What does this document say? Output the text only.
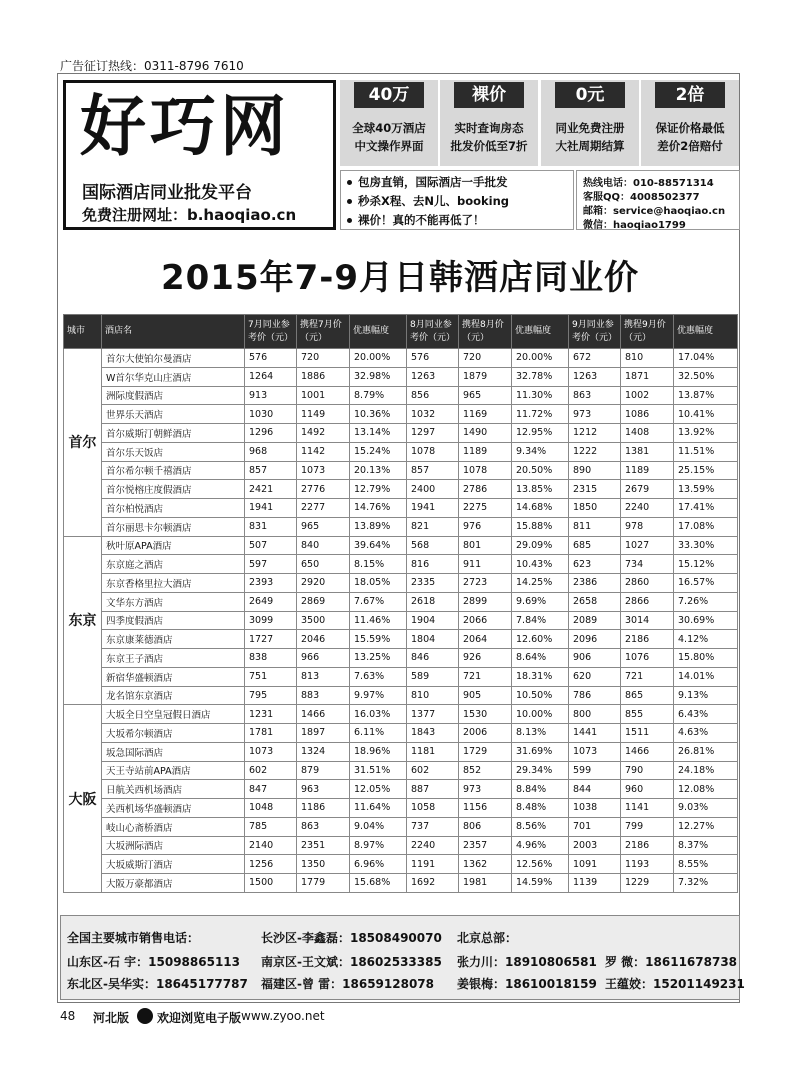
广告征订热线：0311-8796 7610
好巧网
国际酒店同业批发平台
免费注册网址：b.haoqiao.cn
40万
全球40万酒店
中文操作界面
裸价
实时查询房态
批发价低至7折
0元
同业免费注册
大社周期结算
2倍
保证价格最低
差价2倍赔付
包房直销，国际酒店一手批发
秒杀X程、去N儿、booking
裸价！真的不能再低了！
热线电话：010-88571314
客服QQ：4008502377
邮箱：service@haoqiao.cn
微信：haoqiao1799
2015年7-9月日韩酒店同业价
城市	酒店名	7月同业参考价（元）	携程7月价（元）	优惠幅度	8月同业参考价（元）	携程8月价（元）	优惠幅度	9月同业参考价（元）	携程9月价（元）	优惠幅度
首尔	首尔大使铂尔曼酒店	576	720	20.00%	576	720	20.00%	672	810	17.04%
	W首尔华克山庄酒店	1264	1886	32.98%	1263	1879	32.78%	1263	1871	32.50%
	洲际度假酒店	913	1001	8.79%	856	965	11.30%	863	1002	13.87%
	世界乐天酒店	1030	1149	10.36%	1032	1169	11.72%	973	1086	10.41%
	首尔威斯汀朝鲜酒店	1296	1492	13.14%	1297	1490	12.95%	1212	1408	13.92%
	首尔乐天饭店	968	1142	15.24%	1078	1189	9.34%	1222	1381	11.51%
	首尔希尔顿千禧酒店	857	1073	20.13%	857	1078	20.50%	890	1189	25.15%
	首尔悦榕庄度假酒店	2421	2776	12.79%	2400	2786	13.85%	2315	2679	13.59%
	首尔柏悦酒店	1941	2277	14.76%	1941	2275	14.68%	1850	2240	17.41%
	首尔丽思卡尔顿酒店	831	965	13.89%	821	976	15.88%	811	978	17.08%
东京	秋叶原APA酒店	507	840	39.64%	568	801	29.09%	685	1027	33.30%
	东京庭之酒店	597	650	8.15%	816	911	10.43%	623	734	15.12%
	东京香格里拉大酒店	2393	2920	18.05%	2335	2723	14.25%	2386	2860	16.57%
	文华东方酒店	2649	2869	7.67%	2618	2899	9.69%	2658	2866	7.26%
	四季度假酒店	3099	3500	11.46%	1904	2066	7.84%	2089	3014	30.69%
	东京康莱德酒店	1727	2046	15.59%	1804	2064	12.60%	2096	2186	4.12%
	东京王子酒店	838	966	13.25%	846	926	8.64%	906	1076	15.80%
	新宿华盛顿酒店	751	813	7.63%	589	721	18.31%	620	721	14.01%
	龙名馆东京酒店	795	883	9.97%	810	905	10.50%	786	865	9.13%
大阪	大坂全日空皇冠假日酒店	1231	1466	16.03%	1377	1530	10.00%	800	855	6.43%
	大坂希尔顿酒店	1781	1897	6.11%	1843	2006	8.13%	1441	1511	4.63%
	坂急国际酒店	1073	1324	18.96%	1181	1729	31.69%	1073	1466	26.81%
	天王寺站前APA酒店	602	879	31.51%	602	852	29.34%	599	790	24.18%
	日航关西机场酒店	847	963	12.05%	887	973	8.84%	844	960	12.08%
	关西机场华盛顿酒店	1048	1186	11.64%	1058	1156	8.48%	1038	1141	9.03%
	岐山心斋桥酒店	785	863	9.04%	737	806	8.56%	701	799	12.27%
	大坂洲际酒店	2140	2351	8.97%	2240	2357	4.96%	2003	2186	8.37%
	大坂威斯汀酒店	1256	1350	6.96%	1191	1362	12.56%	1091	1193	8.55%
	大阪万豪都酒店	1500	1779	15.68%	1692	1981	14.59%	1139	1229	7.32%
全国主要城市销售电话：
山东区-石 宇：15098865113
东北区-吴华实：18645177787
长沙区-李鑫磊：18508490070
南京区-王文斌：18602533385
福建区-曾 雷：18659128078
北京总部：
张力川：18910806581
姜银梅：18610018159
罗 微：18611678738
王蕴姣：15201149231
48 河北版 欢迎浏览电子版 www.zyoo.net
